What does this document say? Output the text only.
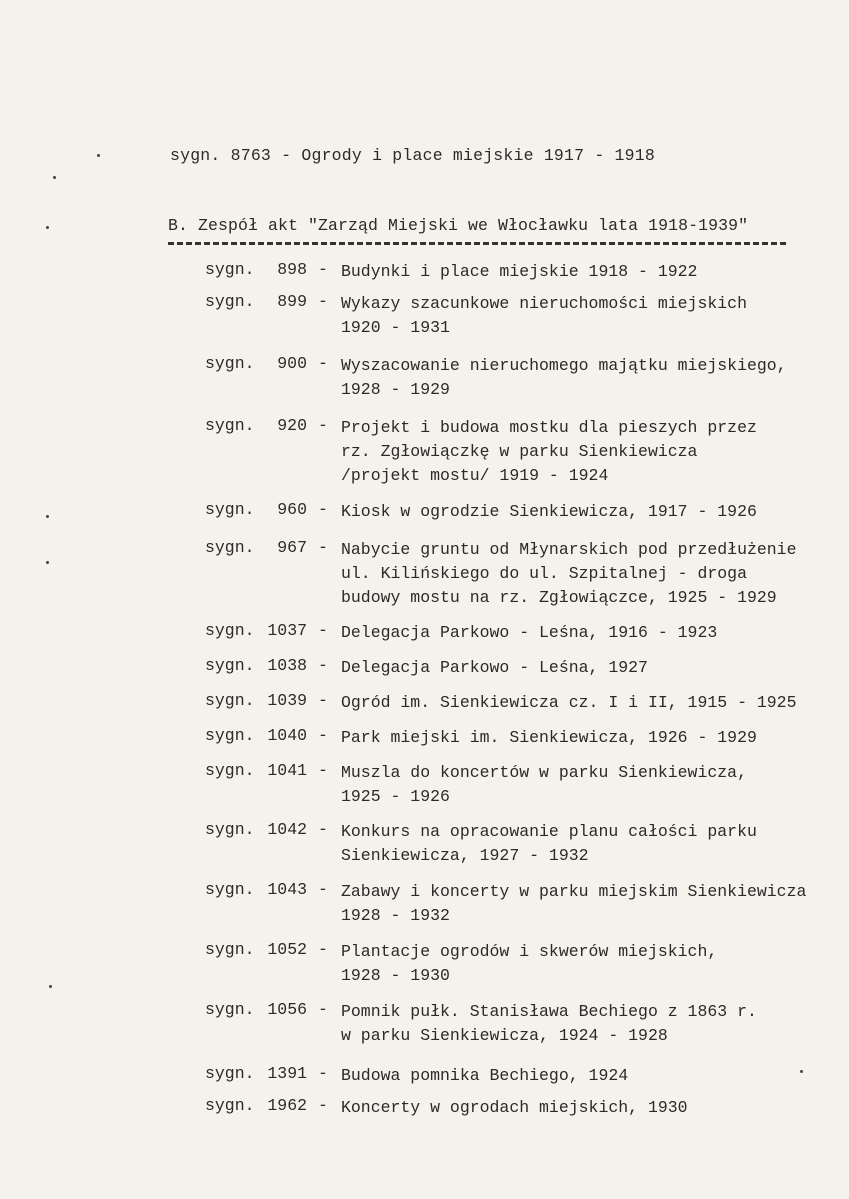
sygn. 8763 - Ogrody i place miejskie 1917 - 1918
B. Zespół akt "Zarząd Miejski we Włocławku lata 1918-1939"
sygn. 898 - Budynki i place miejskie 1918 - 1922
sygn. 899 - Wykazy szacunkowe nieruchomości miejskich
1920 - 1931
sygn. 900 - Wyszacowanie nieruchomego majątku miejskiego,
1928 - 1929
sygn. 920 - Projekt i budowa mostku dla pieszych przez
rz. Zgłowiączkę w parku Sienkiewicza
/projekt mostu/ 1919 - 1924
sygn. 960 - Kiosk w ogrodzie Sienkiewicza, 1917 - 1926
sygn. 967 - Nabycie gruntu od Młynarskich pod przedłużenie
ul. Kilińskiego do ul. Szpitalnej - droga
budowy mostu na rz. Zgłowiączce, 1925 - 1929
sygn. 1037 - Delegacja Parkowo - Leśna, 1916 - 1923
sygn. 1038 - Delegacja Parkowo - Leśna, 1927
sygn. 1039 - Ogród im. Sienkiewicza cz. I i II, 1915 - 1925
sygn. 1040 - Park miejski im. Sienkiewicza, 1926 - 1929
sygn. 1041 - Muszla do koncertów w parku Sienkiewicza,
1925 - 1926
sygn. 1042 - Konkurs na opracowanie planu całości parku
Sienkiewicza, 1927 - 1932
sygn. 1043 - Zabawy i koncerty w parku miejskim Sienkiewicza
1928 - 1932
sygn. 1052 - Plantacje ogrodów i skwerów miejskich,
1928 - 1930
sygn. 1056 - Pomnik pułk. Stanisława Bechiego z 1863 r.
w parku Sienkiewicza, 1924 - 1928
sygn. 1391 - Budowa pomnika Bechiego, 1924
sygn. 1962 - Koncerty w ogrodach miejskich, 1930
